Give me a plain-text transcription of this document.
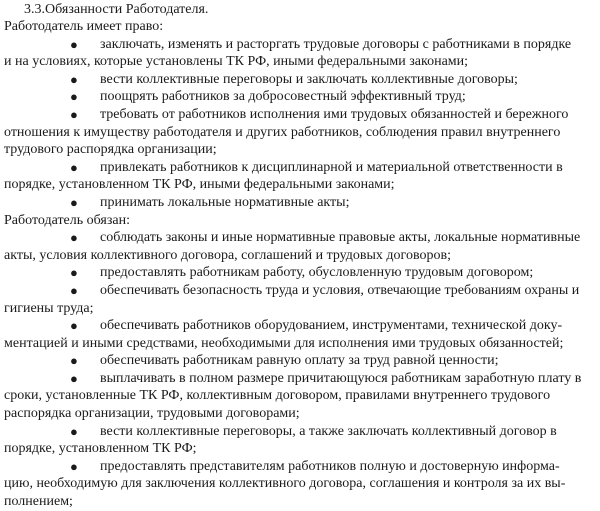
3.3.Обязанности Работодателя.
Работодатель имеет право:
● заключать, изменять и расторгать трудовые договоры с работниками в порядке
и на условиях, которые установлены ТК РФ, иными федеральными законами;
● вести коллективные переговоры и заключать коллективные договоры;
● поощрять работников за добросовестный эффективный труд;
● требовать от работников исполнения ими трудовых обязанностей и бережного
отношения к имуществу работодателя и других работников, соблюдения правил внутреннего
трудового распорядка организации;
● привлекать работников к дисциплинарной и материальной ответственности в
порядке, установленном ТК РФ, иными федеральными законами;
● принимать локальные нормативные акты;
Работодатель обязан:
● соблюдать законы и иные нормативные правовые акты, локальные нормативные
акты, условия коллективного договора, соглашений и трудовых договоров;
● предоставлять работникам работу, обусловленную трудовым договором;
● обеспечивать безопасность труда и условия, отвечающие требованиям охраны и
гигиены труда;
● обеспечивать работников оборудованием, инструментами, технической доку-
ментацией и иными средствами, необходимыми для исполнения ими трудовых обязанностей;
● обеспечивать работникам равную оплату за труд равной ценности;
● выплачивать в полном размере причитающуюся работникам заработную плату в
сроки, установленные ТК РФ, коллективным договором, правилами внутреннего трудового
распорядка организации, трудовыми договорами;
● вести коллективные переговоры, а также заключать коллективный договор в
порядке, установленном ТК РФ;
● предоставлять представителям работников полную и достоверную информа-
цию, необходимую для заключения коллективного договора, соглашения и контроля за их вы-
полнением;
